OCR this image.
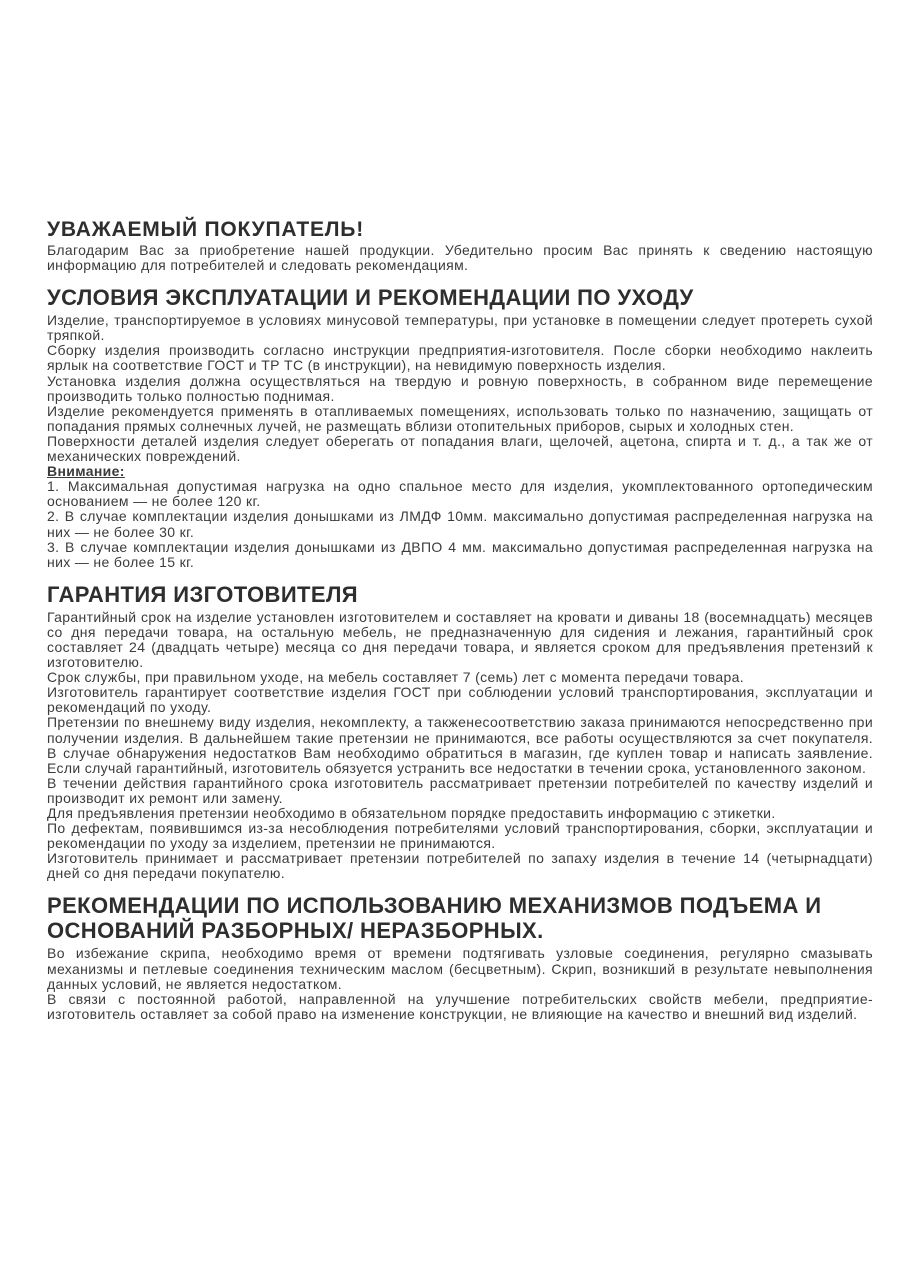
УВАЖАЕМЫЙ ПОКУПАТЕЛЬ!

Благодарим Вас за приобретение нашей продукции. Убедительно просим Вас принять к сведению настоящую информацию для потребителей и следовать рекомендациям.

УСЛОВИЯ ЭКСПЛУАТАЦИИ И РЕКОМЕНДАЦИИ ПО УХОДУ

Изделие, транспортируемое в условиях минусовой температуры, при установке в помещении следует протереть сухой тряпкой.

Сборку изделия производить согласно инструкции предприятия-изготовителя. После сборки необходимо наклеить ярлык на соответствие ГОСТ и ТР ТС (в инструкции), на невидимую поверхность изделия.

Установка изделия должна осуществляться на твердую и ровную поверхность, в собранном виде перемещение производить только полностью поднимая.

Изделие рекомендуется применять в отапливаемых помещениях, использовать только по назначению, защищать от попадания прямых солнечных лучей, не размещать вблизи отопительных приборов, сырых и холодных стен.

Поверхности деталей изделия следует оберегать от попадания влаги, щелочей, ацетона, спирта и т. д., а так же от механических повреждений.

Внимание:

1. Максимальная допустимая нагрузка на одно спальное место для изделия, укомплектованного ортопедическим основанием — не более 120 кг.

2. В случае комплектации изделия донышками из ЛМДФ 10мм. максимально допустимая распределенная нагрузка на них — не более 30 кг.

3. В случае комплектации изделия донышками из ДВПО 4 мм. максимально допустимая распределенная нагрузка на них — не более 15 кг.

ГАРАНТИЯ ИЗГОТОВИТЕЛЯ

Гарантийный срок на изделие установлен изготовителем и составляет на кровати и диваны 18 (восемнадцать) месяцев со дня передачи товара, на остальную мебель, не предназначенную для сидения и лежания, гарантийный срок составляет 24 (двадцать четыре) месяца со дня передачи товара, и является сроком для предъявления претензий к изготовителю.

Срок службы, при правильном уходе, на мебель составляет 7 (семь) лет с момента передачи товара.

Изготовитель гарантирует соответствие изделия ГОСТ при соблюдении условий транспортирования, эксплуатации и рекомендаций по уходу.

Претензии по внешнему виду изделия, некомплекту, а такженесоответствию заказа принимаются непосредственно при получении изделия. В дальнейшем такие претензии не принимаются, все работы осуществляются за счет покупателя. В случае обнаружения недостатков Вам необходимо обратиться в магазин, где куплен товар и написать заявление. Если случай гарантийный, изготовитель обязуется устранить все недостатки в течении срока, установленного законом.

В течении действия гарантийного срока изготовитель рассматривает претензии потребителей по качеству изделий и производит их ремонт или замену.

Для предъявления претензии необходимо в обязательном порядке предоставить информацию с этикетки.

По дефектам, появившимся из-за несоблюдения потребителями условий транспортирования, сборки, эксплуатации и рекомендации по уходу за изделием, претензии не принимаются.

Изготовитель принимает и рассматривает претензии потребителей по запаху изделия в течение 14 (четырнадцати) дней со дня передачи покупателю.

РЕКОМЕНДАЦИИ ПО ИСПОЛЬЗОВАНИЮ МЕХАНИЗМОВ ПОДЪЕМА И ОСНОВАНИЙ РАЗБОРНЫХ/ НЕРАЗБОРНЫХ.

Во избежание скрипа, необходимо время от времени подтягивать узловые соединения, регулярно смазывать механизмы и петлевые соединения техническим маслом (бесцветным). Скрип, возникший в результате невыполнения данных условий, не является недостатком.

В связи с постоянной работой, направленной на улучшение потребительских свойств мебели, предприятие-изготовитель оставляет за собой право на изменение конструкции, не влияющие на качество и внешний вид изделий.
